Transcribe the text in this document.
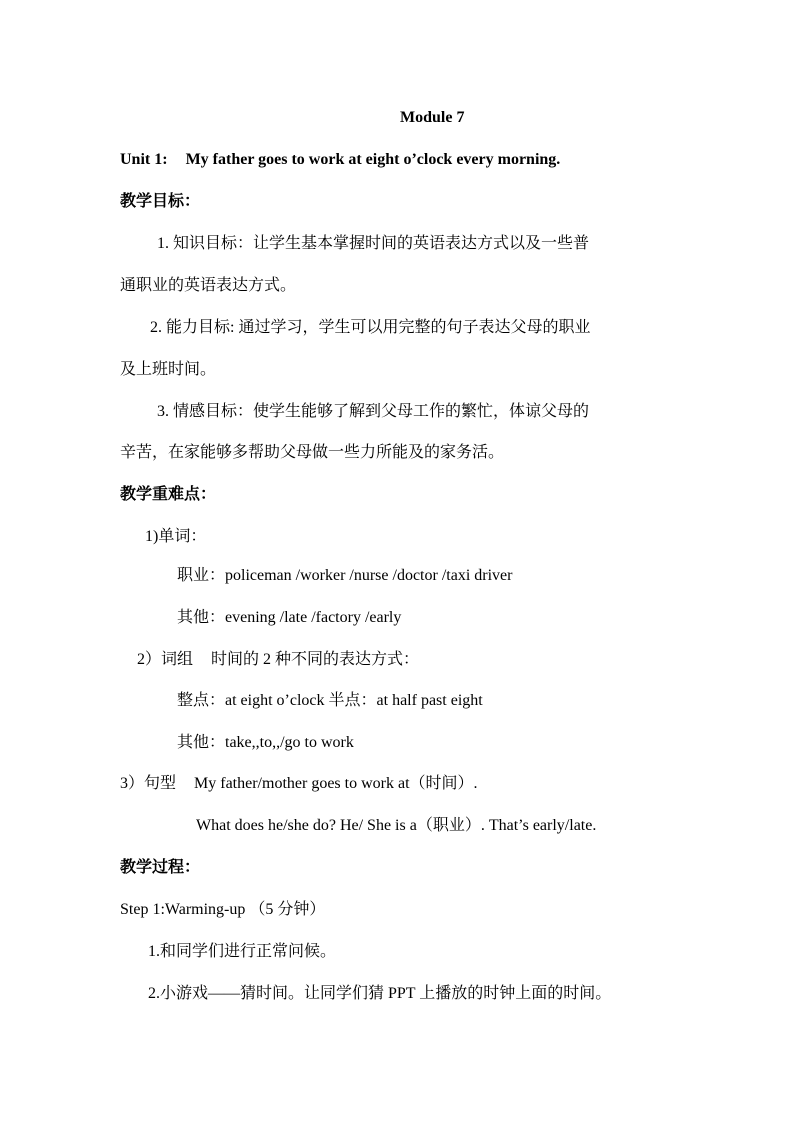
Module 7
Unit 1: My father goes to work at eight o’clock every morning.
教学目标：
1. 知识目标：让学生基本掌握时间的英语表达方式以及一些普
通职业的英语表达方式。
2. 能力目标: 通过学习，学生可以用完整的句子表达父母的职业
及上班时间。
3. 情感目标：使学生能够了解到父母工作的繁忙，体谅父母的
辛苦，在家能够多帮助父母做一些力所能及的家务活。
教学重难点：
1)单词：
职业：policeman /worker /nurse /doctor /taxi driver
其他：evening /late /factory /early
2）词组 时间的 2 种不同的表达方式：
整点：at eight o’clock 半点：at half past eight
其他：take,,to,,/go to work
3）句型 My father/mother goes to work at（时间）.
What does he/she do? He/ She is a（职业）. That’s early/late.
教学过程：
Step 1:Warming-up （5 分钟）
1.和同学们进行正常问候。
2.小游戏——猜时间。让同学们猜 PPT 上播放的时钟上面的时间。
